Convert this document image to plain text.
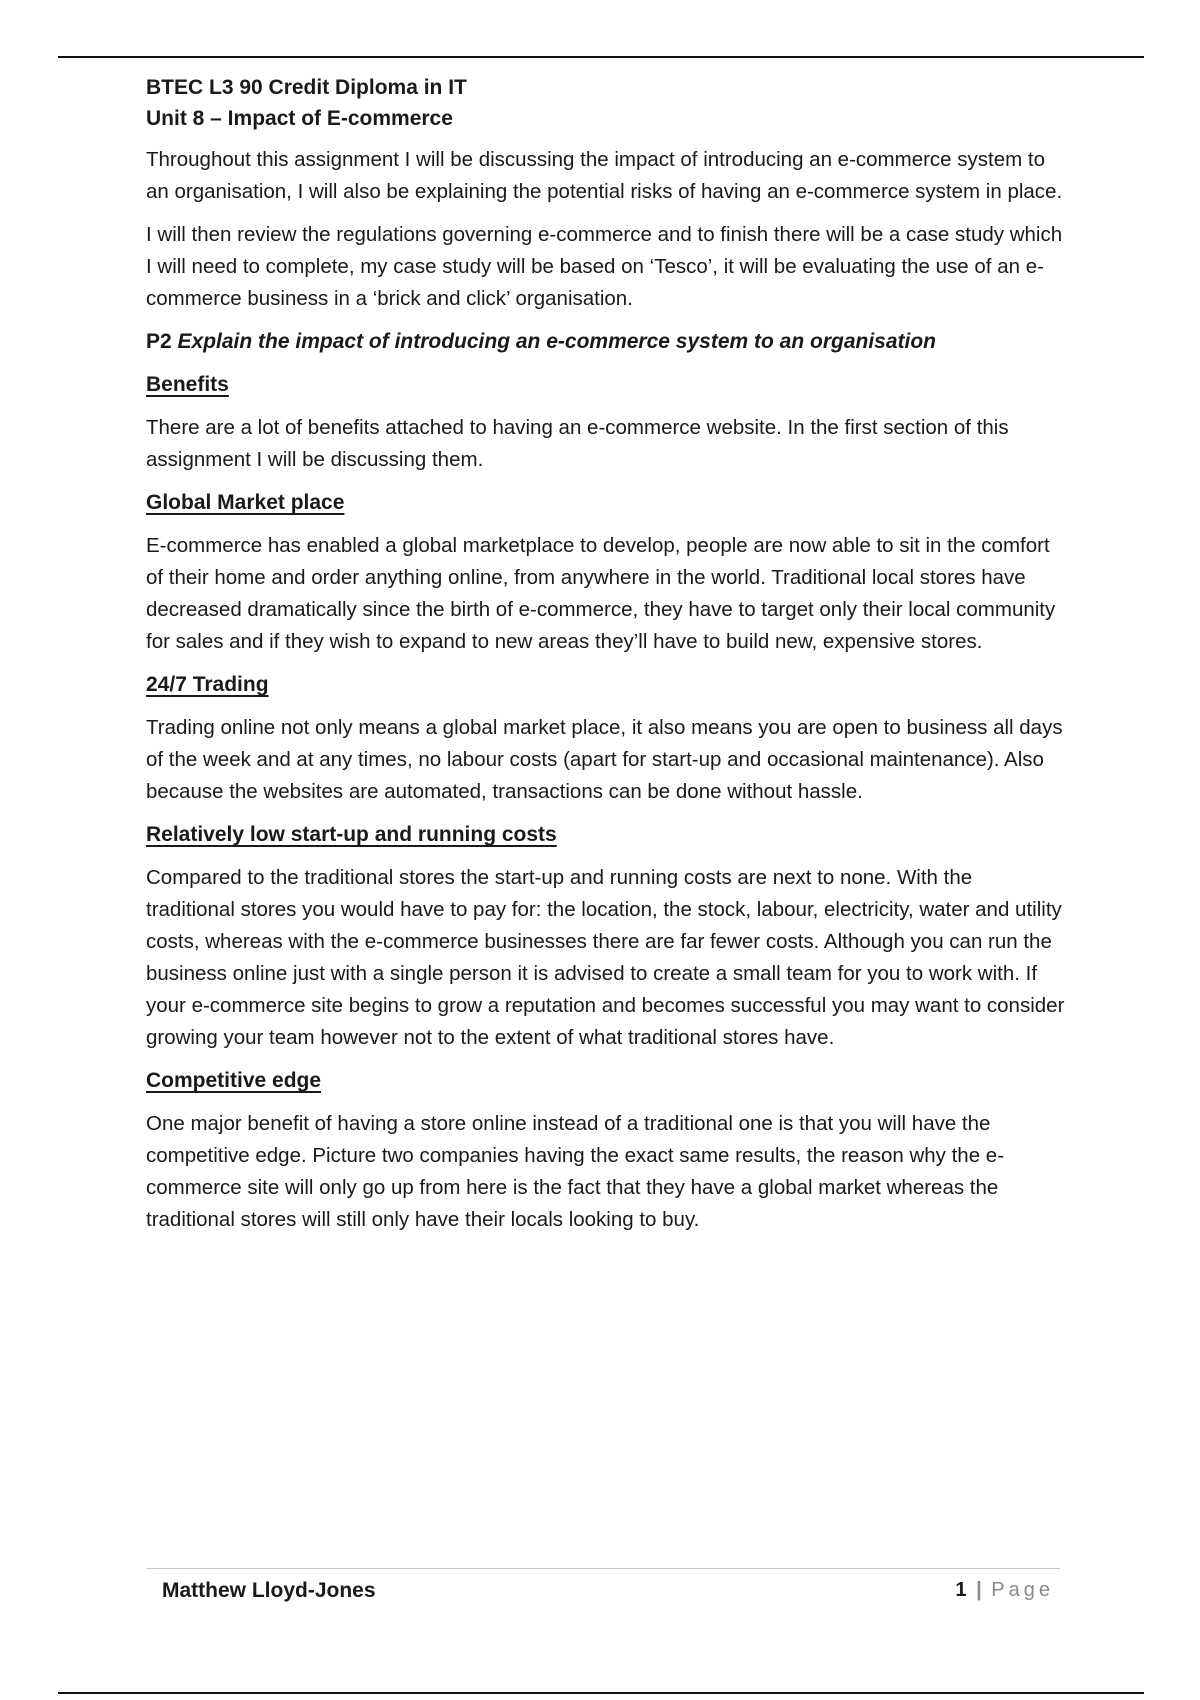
BTEC L3 90 Credit Diploma in IT
Unit 8 – Impact of E-commerce

Throughout this assignment I will be discussing the impact of introducing an e-commerce system to an organisation, I will also be explaining the potential risks of having an e-commerce system in place.

I will then review the regulations governing e-commerce and to finish there will be a case study which I will need to complete, my case study will be based on ‘Tesco’, it will be evaluating the use of an e-commerce business in a ‘brick and click’ organisation.

P2 Explain the impact of introducing an e-commerce system to an organisation
Benefits

There are a lot of benefits attached to having an e-commerce website. In the first section of this assignment I will be discussing them.

Global Market place

E-commerce has enabled a global marketplace to develop, people are now able to sit in the comfort of their home and order anything online, from anywhere in the world. Traditional local stores have decreased dramatically since the birth of e-commerce, they have to target only their local community for sales and if they wish to expand to new areas they’ll have to build new, expensive stores.

24/7 Trading

Trading online not only means a global market place, it also means you are open to business all days of the week and at any times, no labour costs (apart for start-up and occasional maintenance). Also because the websites are automated, transactions can be done without hassle.

Relatively low start-up and running costs

Compared to the traditional stores the start-up and running costs are next to none. With the traditional stores you would have to pay for: the location, the stock, labour, electricity, water and utility costs, whereas with the e-commerce businesses there are far fewer costs. Although you can run the business online just with a single person it is advised to create a small team for you to work with. If your e-commerce site begins to grow a reputation and becomes successful you may want to consider growing your team however not to the extent of what traditional stores have.

Competitive edge

One major benefit of having a store online instead of a traditional one is that you will have the competitive edge. Picture two companies having the exact same results, the reason why the e-commerce site will only go up from here is the fact that they have a global market whereas the traditional stores will still only have their locals looking to buy.

Matthew Lloyd-Jones	1 | Page
